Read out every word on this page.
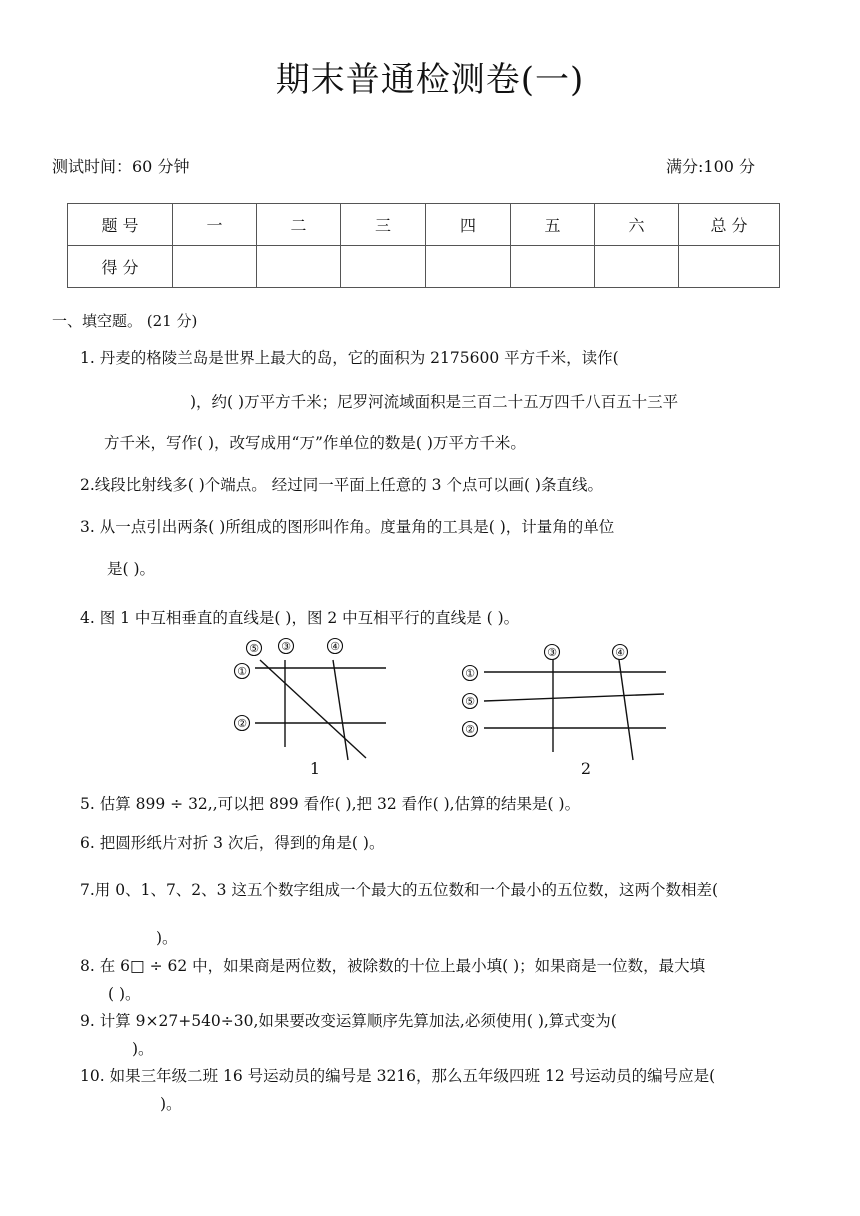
期末普通检测卷(一)
测试时间：60 分钟	满分:100 分
题 号	一	二	三	四	五	六	总 分
得 分							
一、填空题。 (21 分)
1. 丹麦的格陵兰岛是世界上最大的岛，它的面积为 2175600 平方千米，读作(
)，约( )万平方千米；尼罗河流域面积是三百二十五万四千八百五十三平
方千米，写作( )，改写成用“万”作单位的数是( )万平方千米。
2.线段比射线多( )个端点。 经过同一平面上任意的 3 个点可以画( )条直线。
3. 从一点引出两条( )所组成的图形叫作角。度量角的工具是( )，计量角的单位
是( )。
4. 图 1 中互相垂直的直线是( )，图 2 中互相平行的直线是 ( )。
⑤ ③	④
①
②
1
③	④
①
⑤
②
2
5. 估算 899 ÷ 32,,可以把 899 看作( ),把 32 看作( ),估算的结果是( )。
6. 把圆形纸片对折 3 次后，得到的角是( )。
7.用 0、1、7、2、3 这五个数字组成一个最大的五位数和一个最小的五位数，这两个数相差(
)。
8. 在 6□ ÷ 62 中，如果商是两位数，被除数的十位上最小填( )；如果商是一位数，最大填
( )。
9. 计算 9×27+540÷30,如果要改变运算顺序先算加法,必须使用( ),算式变为(
)。
10. 如果三年级二班 16 号运动员的编号是 3216，那么五年级四班 12 号运动员的编号应是(
)。
